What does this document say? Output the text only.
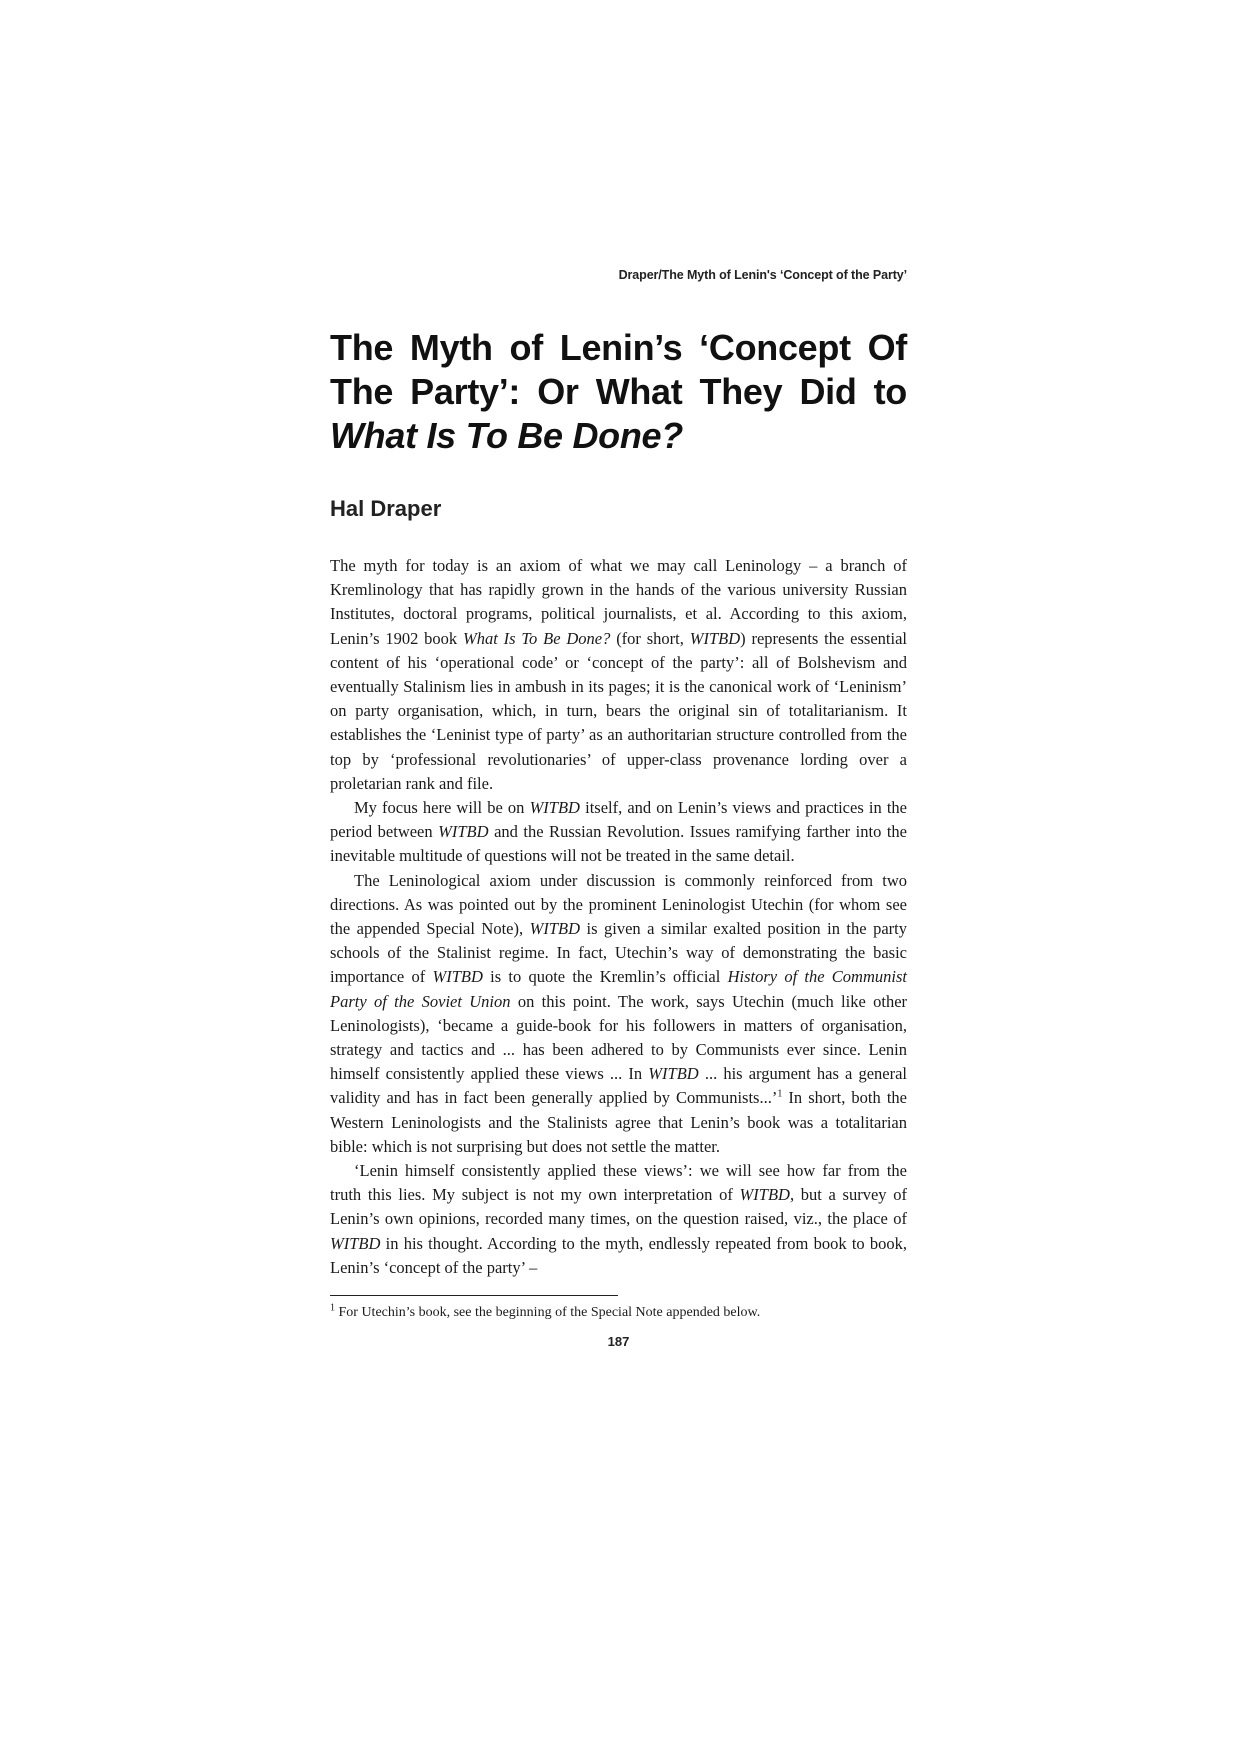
Draper/The Myth of Lenin's ‘Concept of the Party’

The Myth of Lenin’s ‘Concept Of
The Party’: Or What They Did to
What Is To Be Done?
Hal Draper

The myth for today is an axiom of what we may call Leninology – a branch of Kremlinology that has rapidly grown in the hands of the various university Russian Institutes, doctoral programs, political journalists, et al. According to this axiom, Lenin’s 1902 book What Is To Be Done? (for short, WITBD) represents the essential content of his ‘operational code’ or ‘concept of the party’: all of Bolshevism and eventually Stalinism lies in ambush in its pages; it is the canonical work of ‘Leninism’ on party organisation, which, in turn, bears the original sin of totalitarianism. It establishes the ‘Leninist type of party’ as an authoritarian structure controlled from the top by ‘professional revolutionaries’ of upper-class provenance lording over a proletarian rank and file.

My focus here will be on WITBD itself, and on Lenin’s views and practices in the period between WITBD and the Russian Revolution. Issues ramifying farther into the inevitable multitude of questions will not be treated in the same detail.

The Leninological axiom under discussion is commonly reinforced from two directions. As was pointed out by the prominent Leninologist Utechin (for whom see the appended Special Note), WITBD is given a similar exalted position in the party schools of the Stalinist regime. In fact, Utechin’s way of demonstrating the basic importance of WITBD is to quote the Kremlin’s official History of the Communist Party of the Soviet Union on this point. The work, says Utechin (much like other Leninologists), ‘became a guide-book for his followers in matters of organisation, strategy and tactics and ... has been adhered to by Communists ever since. Lenin himself consistently applied these views ... In WITBD ... his argument has a general validity and has in fact been generally applied by Communists...’$^1$ In short, both the Western Leninologists and the Stalinists agree that Lenin’s book was a totalitarian bible: which is not surprising but does not settle the matter.

‘Lenin himself consistently applied these views’: we will see how far from the truth this lies. My subject is not my own interpretation of WITBD, but a survey of Lenin’s own opinions, recorded many times, on the question raised, viz., the place of WITBD in his thought. According to the myth, endlessly repeated from book to book, Lenin’s ‘concept of the party’ –

$^1$ For Utechin’s book, see the beginning of the Special Note appended below.

187
